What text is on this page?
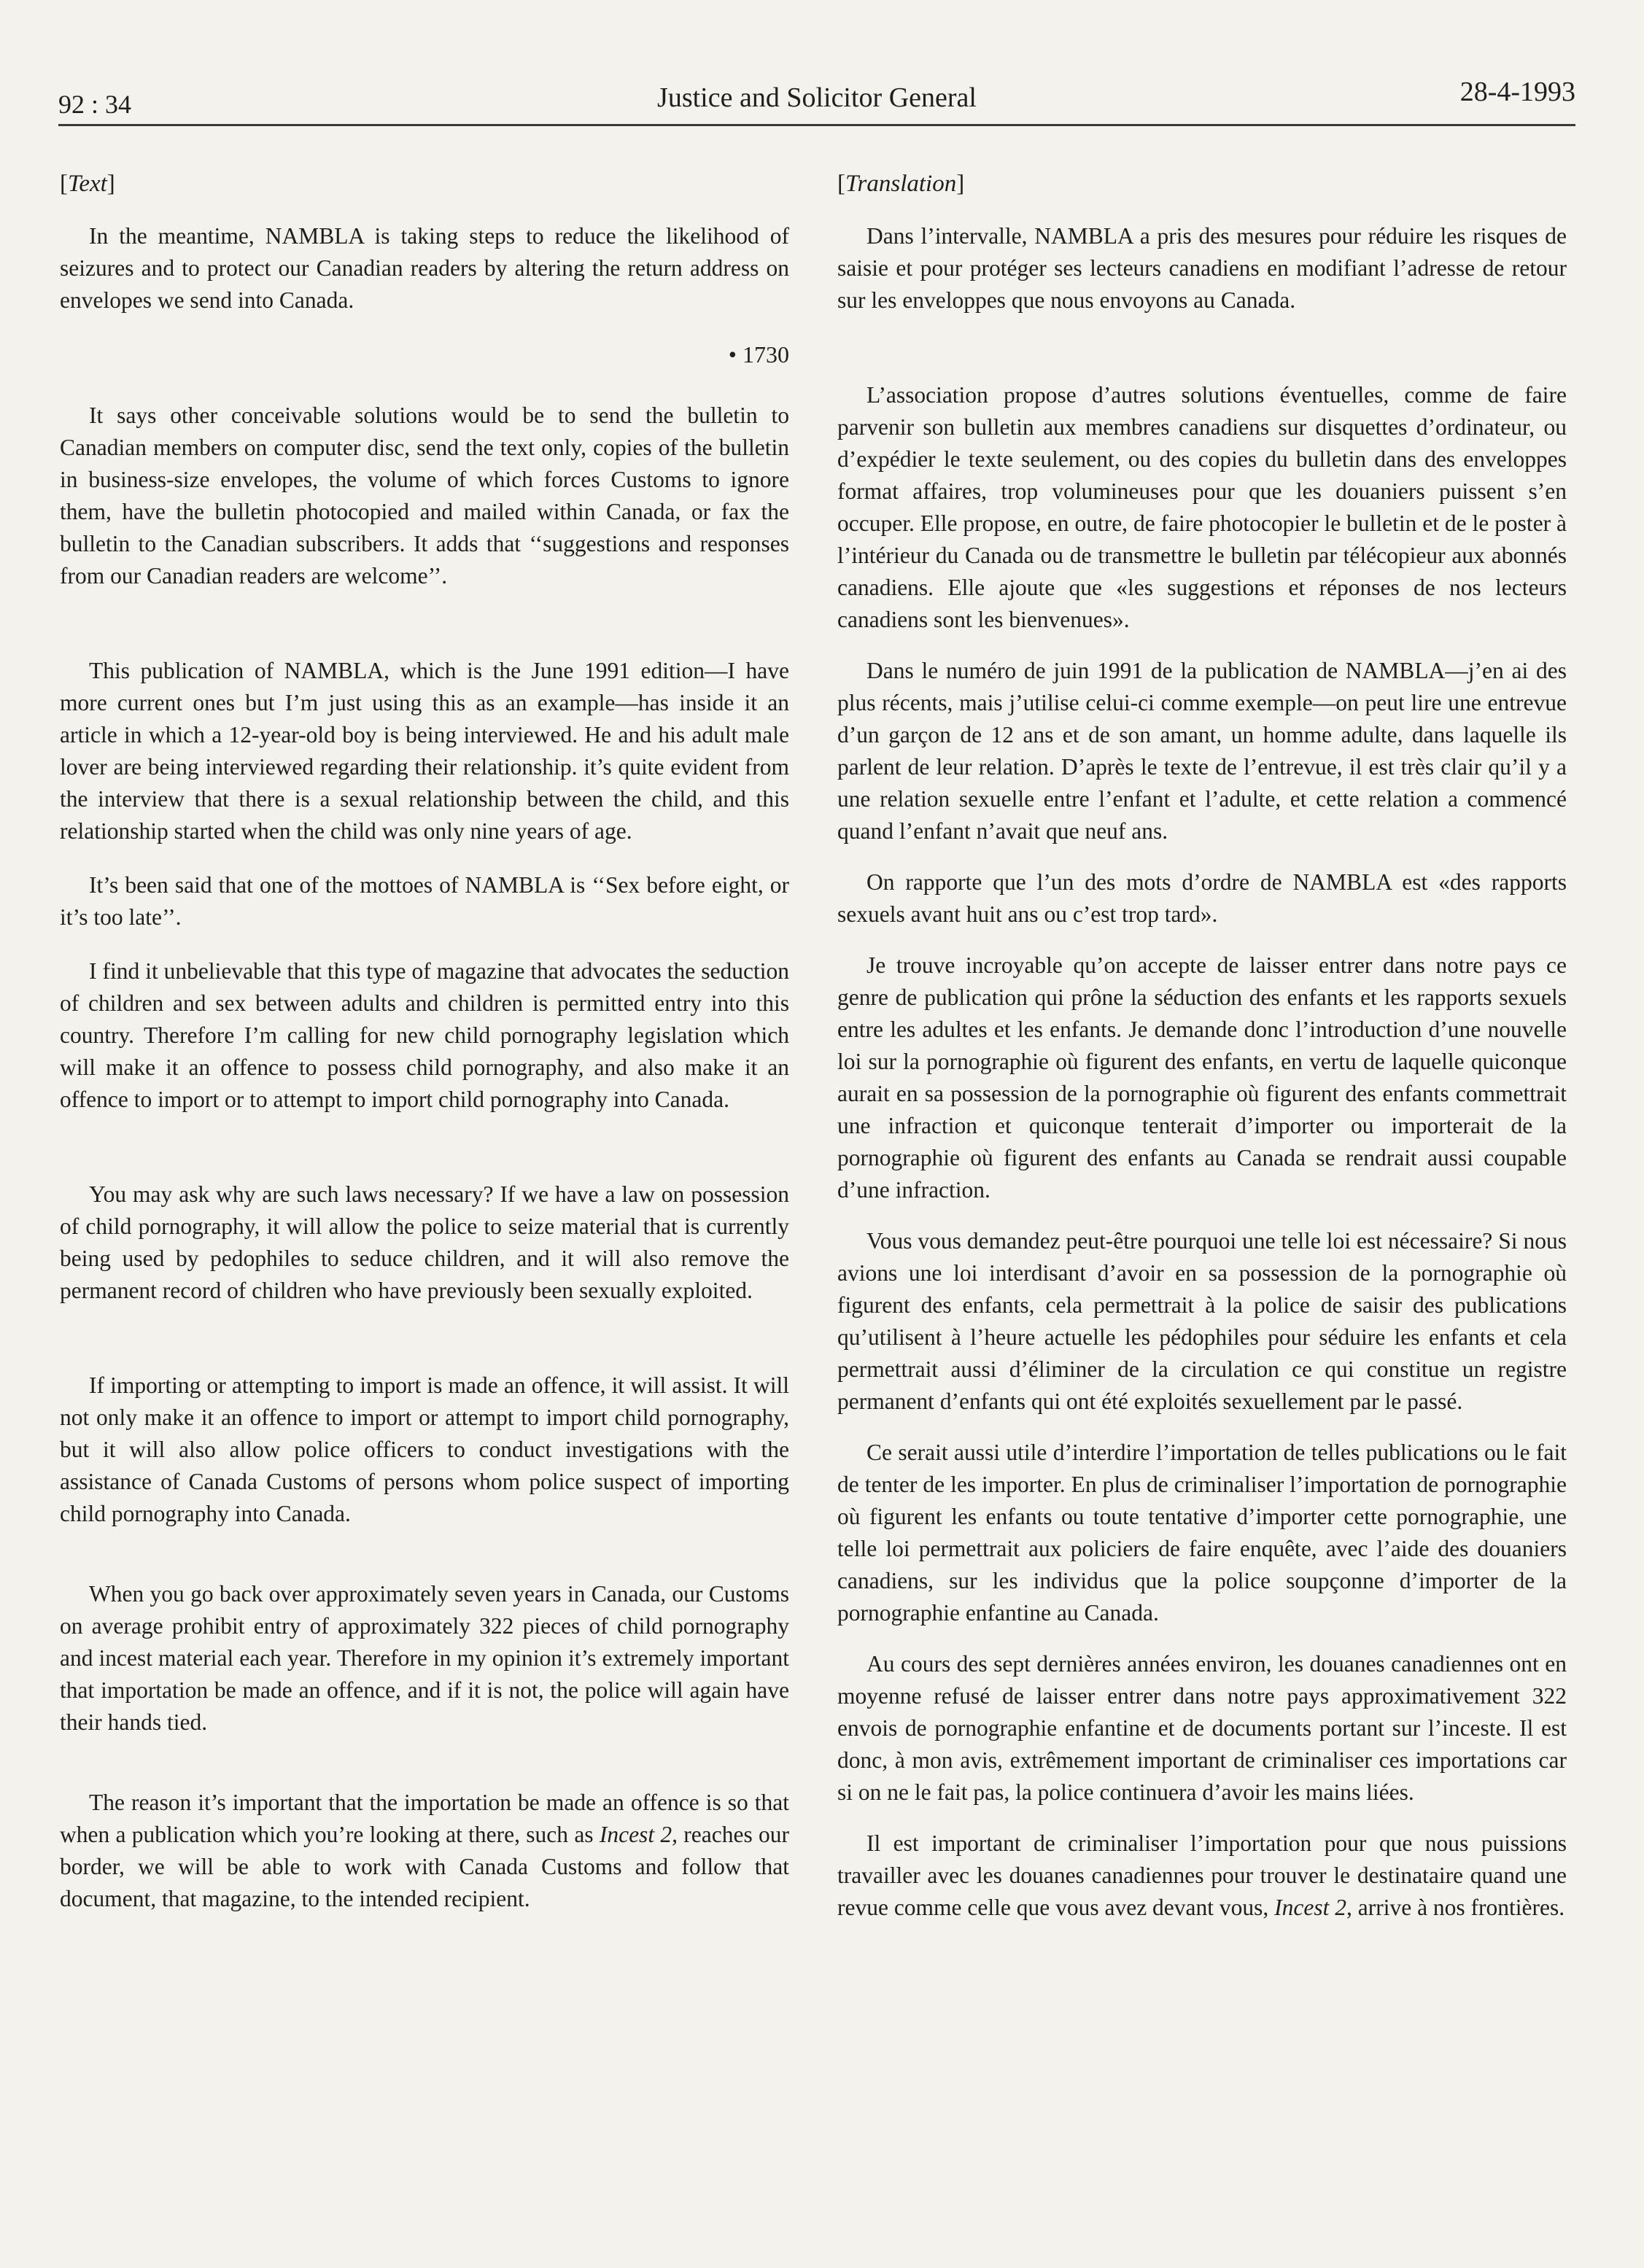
92 : 34	Justice and Solicitor General	28-4-1993
[Text]

In the meantime, NAMBLA is taking steps to reduce the likelihood of seizures and to protect our Canadian readers by altering the return address on envelopes we send into Canada.

• 1730

It says other conceivable solutions would be to send the bulletin to Canadian members on computer disc, send the text only, copies of the bulletin in business-size envelopes, the volume of which forces Customs to ignore them, have the bulletin photocopied and mailed within Canada, or fax the bulletin to the Canadian subscribers. It adds that ‘‘suggestions and responses from our Canadian readers are welcome’’.

This publication of NAMBLA, which is the June 1991 edition—I have more current ones but I’m just using this as an example—has inside it an article in which a 12-year-old boy is being interviewed. He and his adult male lover are being interviewed regarding their relationship. it’s quite evident from the interview that there is a sexual relationship between the child, and this relationship started when the child was only nine years of age.

It’s been said that one of the mottoes of NAMBLA is ‘‘Sex before eight, or it’s too late’’.

I find it unbelievable that this type of magazine that advocates the seduction of children and sex between adults and children is permitted entry into this country. Therefore I’m calling for new child pornography legislation which will make it an offence to possess child pornography, and also make it an offence to import or to attempt to import child pornography into Canada.

You may ask why are such laws necessary? If we have a law on possession of child pornography, it will allow the police to seize material that is currently being used by pedophiles to seduce children, and it will also remove the permanent record of children who have previously been sexually exploited.

If importing or attempting to import is made an offence, it will assist. It will not only make it an offence to import or attempt to import child pornography, but it will also allow police officers to conduct investigations with the assistance of Canada Customs of persons whom police suspect of importing child pornography into Canada.

When you go back over approximately seven years in Canada, our Customs on average prohibit entry of approximately 322 pieces of child pornography and incest material each year. Therefore in my opinion it’s extremely important that importation be made an offence, and if it is not, the police will again have their hands tied.

The reason it’s important that the importation be made an offence is so that when a publication which you’re looking at there, such as Incest 2, reaches our border, we will be able to work with Canada Customs and follow that document, that magazine, to the intended recipient.

[Translation]

Dans l’intervalle, NAMBLA a pris des mesures pour réduire les risques de saisie et pour protéger ses lecteurs canadiens en modifiant l’adresse de retour sur les enveloppes que nous envoyons au Canada.

L’association propose d’autres solutions éventuelles, comme de faire parvenir son bulletin aux membres canadiens sur disquettes d’ordinateur, ou d’expédier le texte seulement, ou des copies du bulletin dans des enveloppes format affaires, trop volumineuses pour que les douaniers puissent s’en occuper. Elle propose, en outre, de faire photocopier le bulletin et de le poster à l’intérieur du Canada ou de transmettre le bulletin par télécopieur aux abonnés canadiens. Elle ajoute que «les suggestions et réponses de nos lecteurs canadiens sont les bienvenues».

Dans le numéro de juin 1991 de la publication de NAMBLA—j’en ai des plus récents, mais j’utilise celui-ci comme exemple—on peut lire une entrevue d’un garçon de 12 ans et de son amant, un homme adulte, dans laquelle ils parlent de leur relation. D’après le texte de l’entrevue, il est très clair qu’il y a une relation sexuelle entre l’enfant et l’adulte, et cette relation a commencé quand l’enfant n’avait que neuf ans.

On rapporte que l’un des mots d’ordre de NAMBLA est «des rapports sexuels avant huit ans ou c’est trop tard».

Je trouve incroyable qu’on accepte de laisser entrer dans notre pays ce genre de publication qui prône la séduction des enfants et les rapports sexuels entre les adultes et les enfants. Je demande donc l’introduction d’une nouvelle loi sur la pornographie où figurent des enfants, en vertu de laquelle quiconque aurait en sa possession de la pornographie où figurent des enfants commettrait une infraction et quiconque tenterait d’importer ou importerait de la pornographie où figurent des enfants au Canada se rendrait aussi coupable d’une infraction.

Vous vous demandez peut-être pourquoi une telle loi est nécessaire? Si nous avions une loi interdisant d’avoir en sa possession de la pornographie où figurent des enfants, cela permettrait à la police de saisir des publications qu’utilisent à l’heure actuelle les pédophiles pour séduire les enfants et cela permettrait aussi d’éliminer de la circulation ce qui constitue un registre permanent d’enfants qui ont été exploités sexuellement par le passé.

Ce serait aussi utile d’interdire l’importation de telles publications ou le fait de tenter de les importer. En plus de criminaliser l’importation de pornographie où figurent les enfants ou toute tentative d’importer cette pornographie, une telle loi permettrait aux policiers de faire enquête, avec l’aide des douaniers canadiens, sur les individus que la police soupçonne d’importer de la pornographie enfantine au Canada.

Au cours des sept dernières années environ, les douanes canadiennes ont en moyenne refusé de laisser entrer dans notre pays approximativement 322 envois de pornographie enfantine et de documents portant sur l’inceste. Il est donc, à mon avis, extrêmement important de criminaliser ces importations car si on ne le fait pas, la police continuera d’avoir les mains liées.

Il est important de criminaliser l’importation pour que nous puissions travailler avec les douanes canadiennes pour trouver le destinataire quand une revue comme celle que vous avez devant vous, Incest 2, arrive à nos frontières.
